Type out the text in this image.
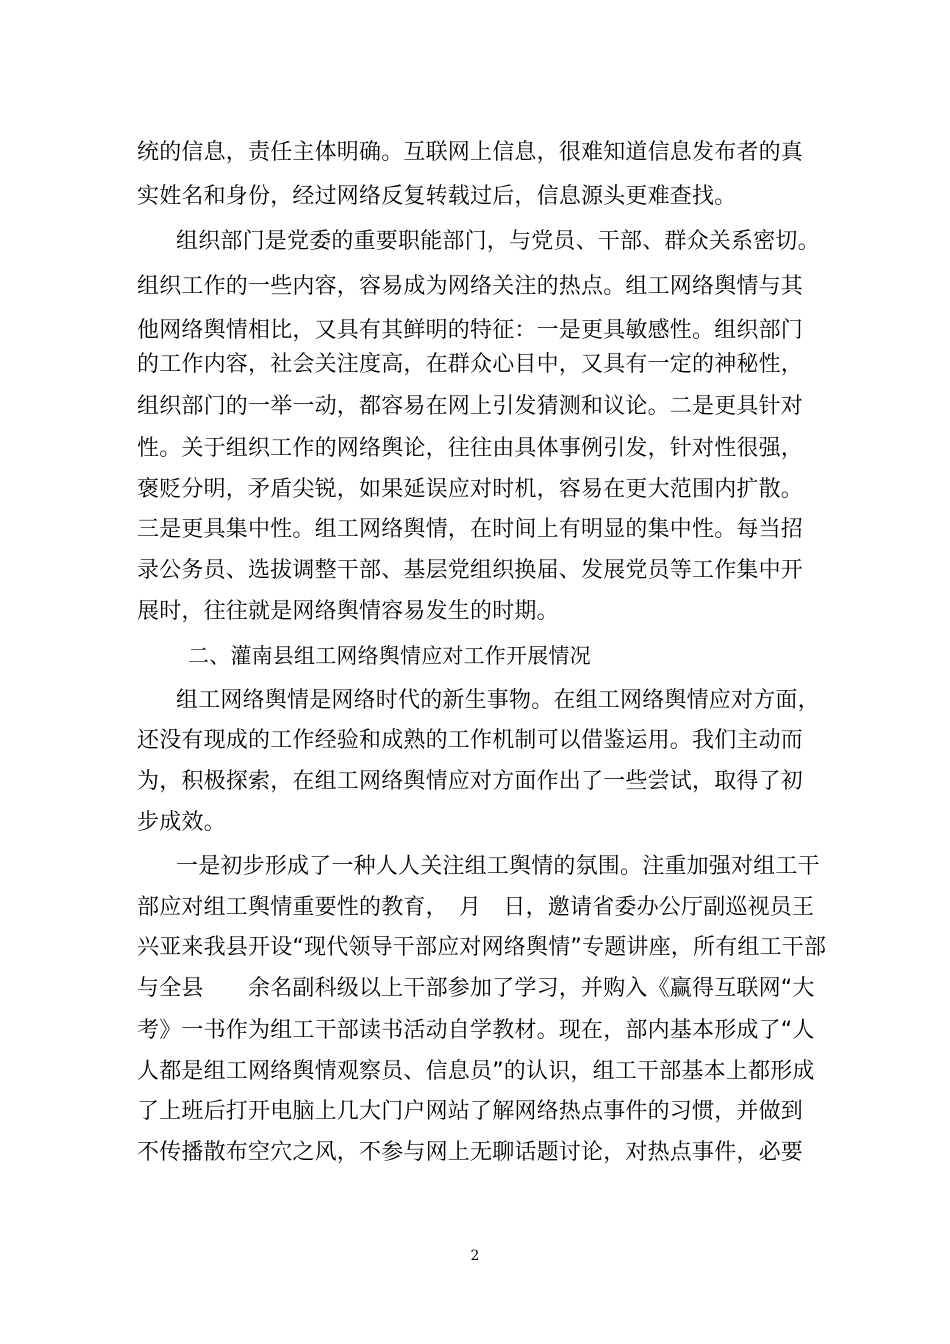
统的信息，责任主体明确。互联网上信息，很难知道信息发布者的真
实姓名和身份，经过网络反复转载过后，信息源头更难查找。
组织部门是党委的重要职能部门，与党员、干部、群众关系密切。
组织工作的一些内容，容易成为网络关注的热点。组工网络舆情与其
他网络舆情相比，又具有其鲜明的特征：一是更具敏感性。组织部门
的工作内容，社会关注度高，在群众心目中，又具有一定的神秘性，
组织部门的一举一动，都容易在网上引发猜测和议论。二是更具针对
性。关于组织工作的网络舆论，往往由具体事例引发，针对性很强，
褒贬分明，矛盾尖锐，如果延误应对时机，容易在更大范围内扩散。
三是更具集中性。组工网络舆情，在时间上有明显的集中性。每当招
录公务员、选拔调整干部、基层党组织换届、发展党员等工作集中开
展时，往往就是网络舆情容易发生的时期。
二、灌南县组工网络舆情应对工作开展情况
组工网络舆情是网络时代的新生事物。在组工网络舆情应对方面，
还没有现成的工作经验和成熟的工作机制可以借鉴运用。我们主动而
为，积极探索，在组工网络舆情应对方面作出了一些尝试，取得了初
步成效。
一是初步形成了一种人人关注组工舆情的氛围。注重加强对组工干
部应对组工舆情重要性的教育，　月　日，邀请省委办公厅副巡视员王
兴亚来我县开设“现代领导干部应对网络舆情”专题讲座，所有组工干部
与全县　　余名副科级以上干部参加了学习，并购入《赢得互联网“大
考》一书作为组工干部读书活动自学教材。现在，部内基本形成了“人
人都是组工网络舆情观察员、信息员”的认识，组工干部基本上都形成
了上班后打开电脑上几大门户网站了解网络热点事件的习惯，并做到
不传播散布空穴之风，不参与网上无聊话题讨论，对热点事件，必要
2
